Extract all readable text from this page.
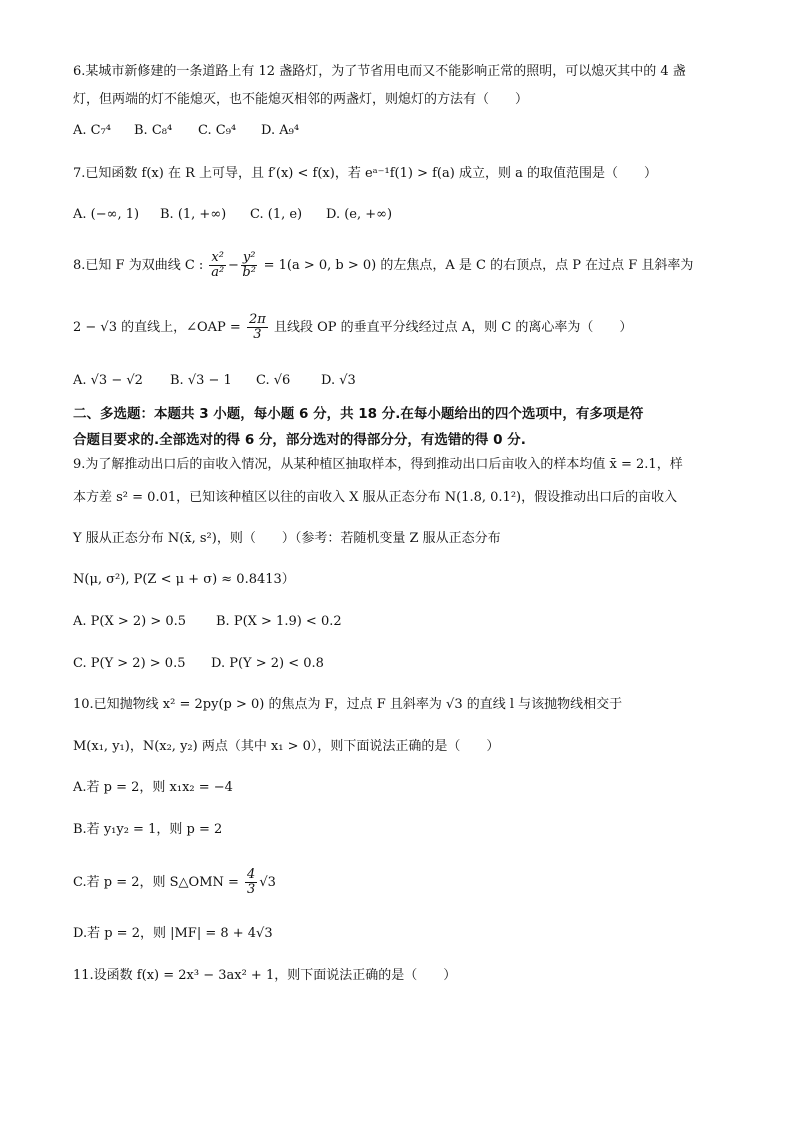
6.某城市新修建的一条道路上有 12 盏路灯，为了节省用电而又不能影响正常的照明，可以熄灭其中的 4 盏
灯，但两端的灯不能熄灭，也不能熄灭相邻的两盏灯，则熄灯的方法有（　　）
A. C₇⁴ B. C₈⁴ C. C₉⁴ D. A₉⁴
7.已知函数 f(x) 在 R 上可导，且 f′(x) < f(x)，若 eᵃ⁻¹f(1) > f(a) 成立，则 a 的取值范围是（　　）
A. (−∞, 1) B. (1, +∞) C. (1, e) D. (e, +∞)
8.已知 F 为双曲线 C : $\frac{\text{x²}}{\text{a²}} - \frac{\text{y²}}{\text{b²}} = 1(a > 0$, b > 0) 的左焦点，A 是 C 的右顶点，点 P 在过点 F 且斜率为
2 − √3 的直线上，∠OAP = $\frac{2\pi}{3}$ 且线段 OP 的垂直平分线经过点 A，则 C 的离心率为（　　）
A. √3 − √2 B. √3 − 1 C. √6 D. √3
二、多选题：本题共 3 小题，每小题 6 分，共 18 分.在每小题给出的四个选项中，有多项是符
合题目要求的.全部选对的得 6 分，部分选对的得部分分，有选错的得 0 分.
9.为了解推动出口后的亩收入情况，从某种植区抽取样本，得到推动出口后亩收入的样本均值 x̄ = 2.1，样
本方差 s² = 0.01，已知该种植区以往的亩收入 X 服从正态分布 N(1.8, 0.1²)，假设推动出口后的亩收入
Y 服从正态分布 N(x̄, s²)，则（　　）（参考：若随机变量 Z 服从正态分布
N(μ, σ²), P(Z < μ + σ) ≈ 0.8413）
A. P(X > 2) > 0.5 B. P(X > 1.9) < 0.2
C. P(Y > 2) > 0.5 D. P(Y > 2) < 0.8
10.已知抛物线 x² = 2py(p > 0) 的焦点为 F，过点 F 且斜率为 √3 的直线 l 与该抛物线相交于
M(x₁, y₁)，N(x₂, y₂) 两点（其中 x₁ > 0），则下面说法正确的是（　　）
A.若 p = 2，则 x₁x₂ = −4
B.若 y₁y₂ = 1，则 p = 2
C.若 p = 2，则 S△OMN = $\frac{4}{3} √3$
D.若 p = 2，则 |MF| = 8 + 4√3
11.设函数 f(x) = 2x³ − 3ax² + 1，则下面说法正确的是（　　）
